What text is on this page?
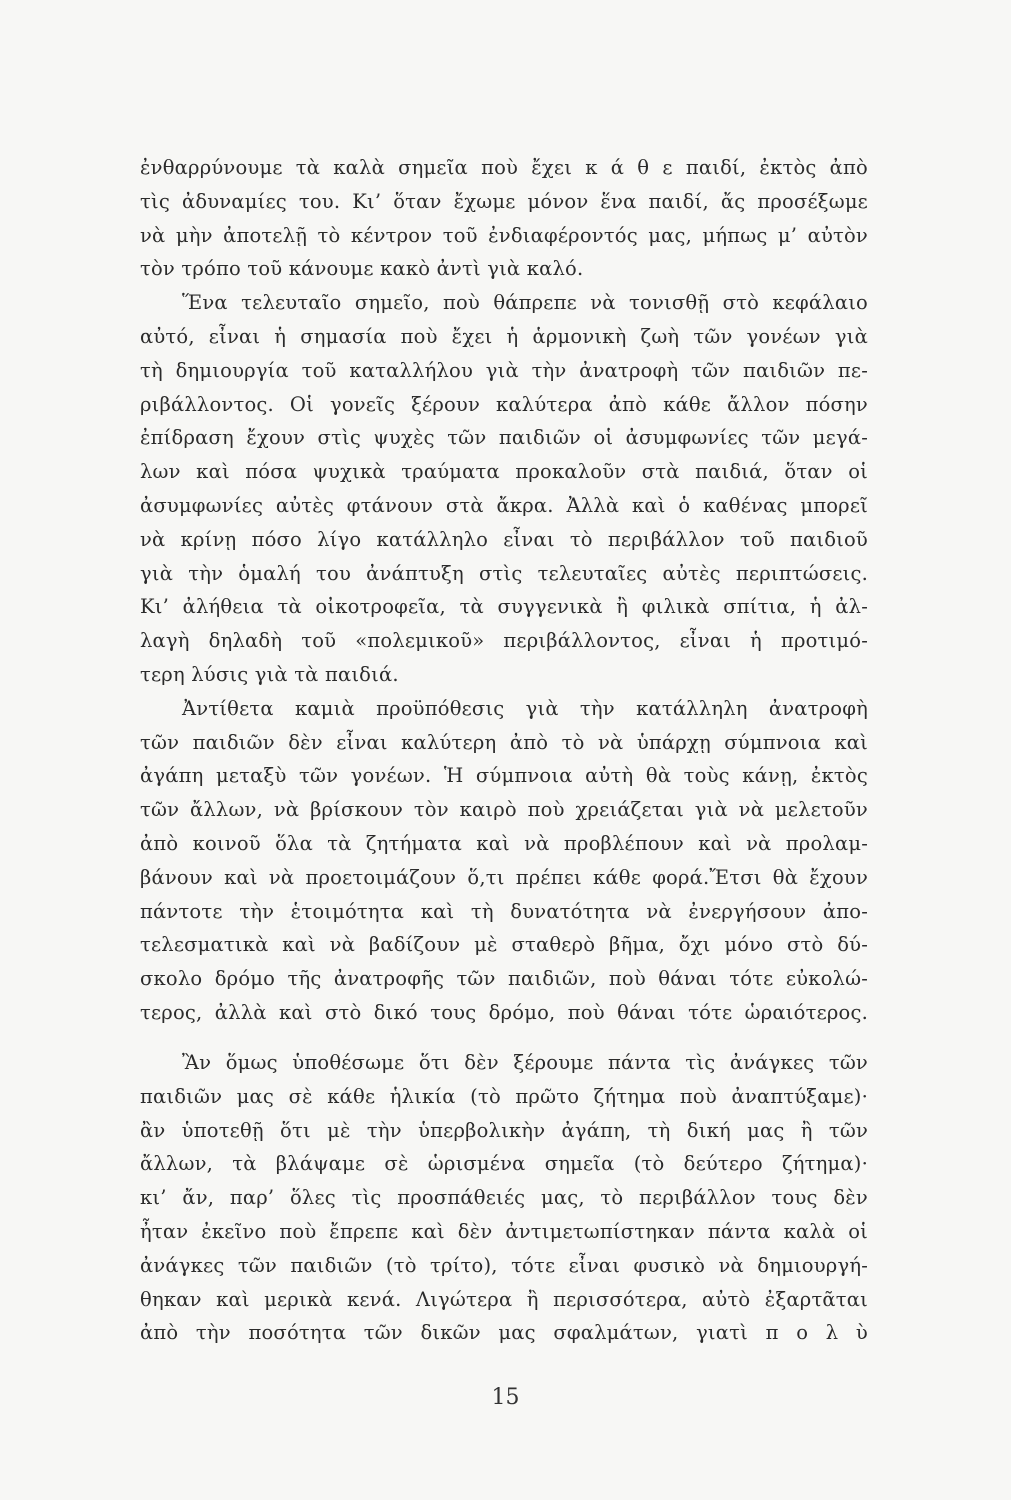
ἐνθαρρύνουμε τὰ καλὰ σημεῖα ποὺ ἔχει κ ά θ ε παιδί, ἐκτὸς ἀπὸ
τὶς ἀδυναμίες του. Κι’ ὅταν ἔχωμε μόνον ἕνα παιδί, ἄς προσέξωμε
νὰ μὴν ἀποτελῇ τὸ κέντρον τοῦ ἐνδιαφέροντός μας, μήπως μ’ αὐτὸν
τὸν τρόπο τοῦ κάνουμε κακὸ ἀντὶ γιὰ καλό.
Ἕνα τελευταῖο σημεῖο, ποὺ θάπρεπε νὰ τονισθῇ στὸ κεφάλαιο
αὐτό, εἶναι ἡ σημασία ποὺ ἔχει ἡ ἁρμονικὴ ζωὴ τῶν γονέων γιὰ
τὴ δημιουργία τοῦ καταλλήλου γιὰ τὴν ἀνατροφὴ τῶν παιδιῶν πε-
ριβάλλοντος. Οἱ γονεῖς ξέρουν καλύτερα ἀπὸ κάθε ἄλλον πόσην
ἐπίδραση ἔχουν στὶς ψυχὲς τῶν παιδιῶν οἱ ἀσυμφωνίες τῶν μεγά-
λων καὶ πόσα ψυχικὰ τραύματα προκαλοῦν στὰ παιδιά, ὅταν οἱ
ἀσυμφωνίες αὐτὲς φτάνουν στὰ ἄκρα. Ἀλλὰ καὶ ὁ καθένας μπορεῖ
νὰ κρίνῃ πόσο λίγο κατάλληλο εἶναι τὸ περιβάλλον τοῦ παιδιοῦ
γιὰ τὴν ὁμαλή του ἀνάπτυξη στὶς τελευταῖες αὐτὲς περιπτώσεις.
Κι’ ἀλήθεια τὰ οἰκοτροφεῖα, τὰ συγγενικὰ ἢ φιλικὰ σπίτια, ἡ ἀλ-
λαγὴ δηλαδὴ τοῦ «πολεμικοῦ» περιβάλλοντος, εἶναι ἡ προτιμό-
τερη λύσις γιὰ τὰ παιδιά.
Ἀντίθετα καμιὰ προϋπόθεσις γιὰ τὴν κατάλληλη ἀνατροφὴ
τῶν παιδιῶν δὲν εἶναι καλύτερη ἀπὸ τὸ νὰ ὑπάρχῃ σύμπνοια καὶ
ἀγάπη μεταξὺ τῶν γονέων. Ἡ σύμπνοια αὐτὴ θὰ τοὺς κάνῃ, ἐκτὸς
τῶν ἄλλων, νὰ βρίσκουν τὸν καιρὸ ποὺ χρειάζεται γιὰ νὰ μελετοῦν
ἀπὸ κοινοῦ ὅλα τὰ ζητήματα καὶ νὰ προβλέπουν καὶ νὰ προλαμ-
βάνουν καὶ νὰ προετοιμάζουν ὅ,τι πρέπει κάθε φορά.Ἔτσι θὰ ἔχουν
πάντοτε τὴν ἑτοιμότητα καὶ τὴ δυνατότητα νὰ ἐνεργήσουν ἀπο-
τελεσματικὰ καὶ νὰ βαδίζουν μὲ σταθερὸ βῆμα, ὄχι μόνο στὸ δύ-
σκολο δρόμο τῆς ἀνατροφῆς τῶν παιδιῶν, ποὺ θάναι τότε εὐκολώ-
τερος, ἀλλὰ καὶ στὸ δικό τους δρόμο, ποὺ θάναι τότε ὡραιότερος.
Ἂν ὅμως ὑποθέσωμε ὅτι δὲν ξέρουμε πάντα τὶς ἀνάγκες τῶν
παιδιῶν μας σὲ κάθε ἡλικία (τὸ πρῶτο ζήτημα ποὺ ἀναπτύξαμε)·
ἂν ὑποτεθῇ ὅτι μὲ τὴν ὑπερβολικὴν ἀγάπη, τὴ δική μας ἢ τῶν
ἄλλων, τὰ βλάψαμε σὲ ὡρισμένα σημεῖα (τὸ δεύτερο ζήτημα)·
κι’ ἄν, παρ’ ὅλες τὶς προσπάθειές μας, τὸ περιβάλλον τους δὲν
ἦταν ἐκεῖνο ποὺ ἔπρεπε καὶ δὲν ἀντιμετωπίστηκαν πάντα καλὰ οἱ
ἀνάγκες τῶν παιδιῶν (τὸ τρίτο), τότε εἶναι φυσικὸ νὰ δημιουργή-
θηκαν καὶ μερικὰ κενά. Λιγώτερα ἢ περισσότερα, αὐτὸ ἐξαρτᾶται
ἀπὸ τὴν ποσότητα τῶν δικῶν μας σφαλμάτων, γιατὶ π ο λ ὺ
15
